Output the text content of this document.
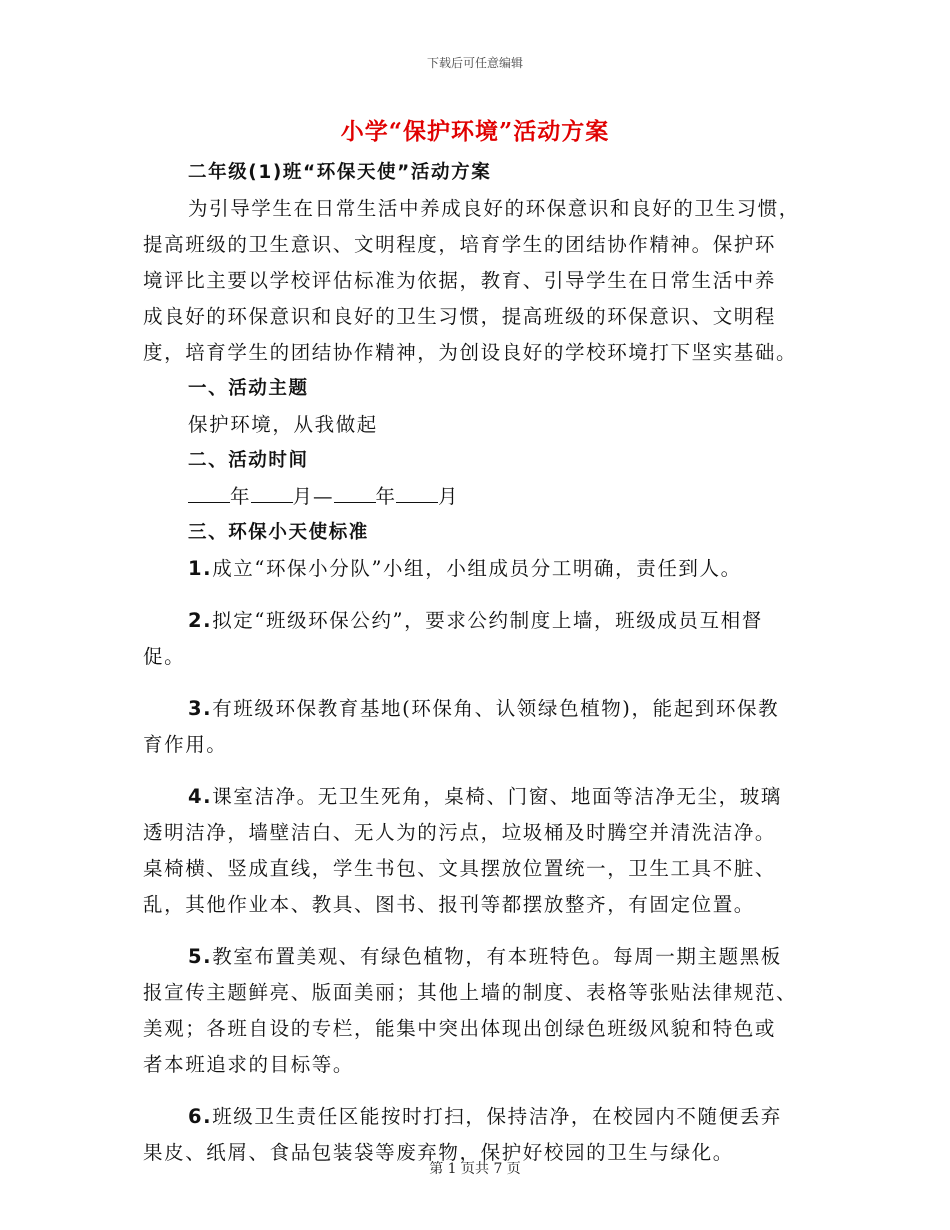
下载后可任意编辑
小学“保护环境”活动方案
二年级(1)班“环保天使”活动方案
为引导学生在日常生活中养成良好的环保意识和良好的卫生习惯，
提高班级的卫生意识、文明程度，培育学生的团结协作精神。保护环
境评比主要以学校评估标准为依据，教育、引导学生在日常生活中养
成良好的环保意识和良好的卫生习惯，提高班级的环保意识、文明程
度，培育学生的团结协作精神，为创设良好的学校环境打下坚实基础。
一、活动主题
保护环境，从我做起
二、活动时间
年 月— 年 月
三、环保小天使标准
1.成立“环保小分队”小组，小组成员分工明确，责任到人。
2.拟定“班级环保公约”，要求公约制度上墙，班级成员互相督
促。
3.有班级环保教育基地(环保角、认领绿色植物)，能起到环保教
育作用。
4.课室洁净。无卫生死角，桌椅、门窗、地面等洁净无尘，玻璃
透明洁净，墙壁洁白、无人为的污点，垃圾桶及时腾空并清洗洁净。
桌椅横、竖成直线，学生书包、文具摆放位置统一，卫生工具不脏、
乱，其他作业本、教具、图书、报刊等都摆放整齐，有固定位置。
5.教室布置美观、有绿色植物，有本班特色。每周一期主题黑板
报宣传主题鲜亮、版面美丽；其他上墙的制度、表格等张贴法律规范、
美观；各班自设的专栏，能集中突出体现出创绿色班级风貌和特色或
者本班追求的目标等。
6.班级卫生责任区能按时打扫，保持洁净，在校园内不随便丢弃
果皮、纸屑、食品包装袋等废弃物，保护好校园的卫生与绿化。
第 1 页共 7 页
